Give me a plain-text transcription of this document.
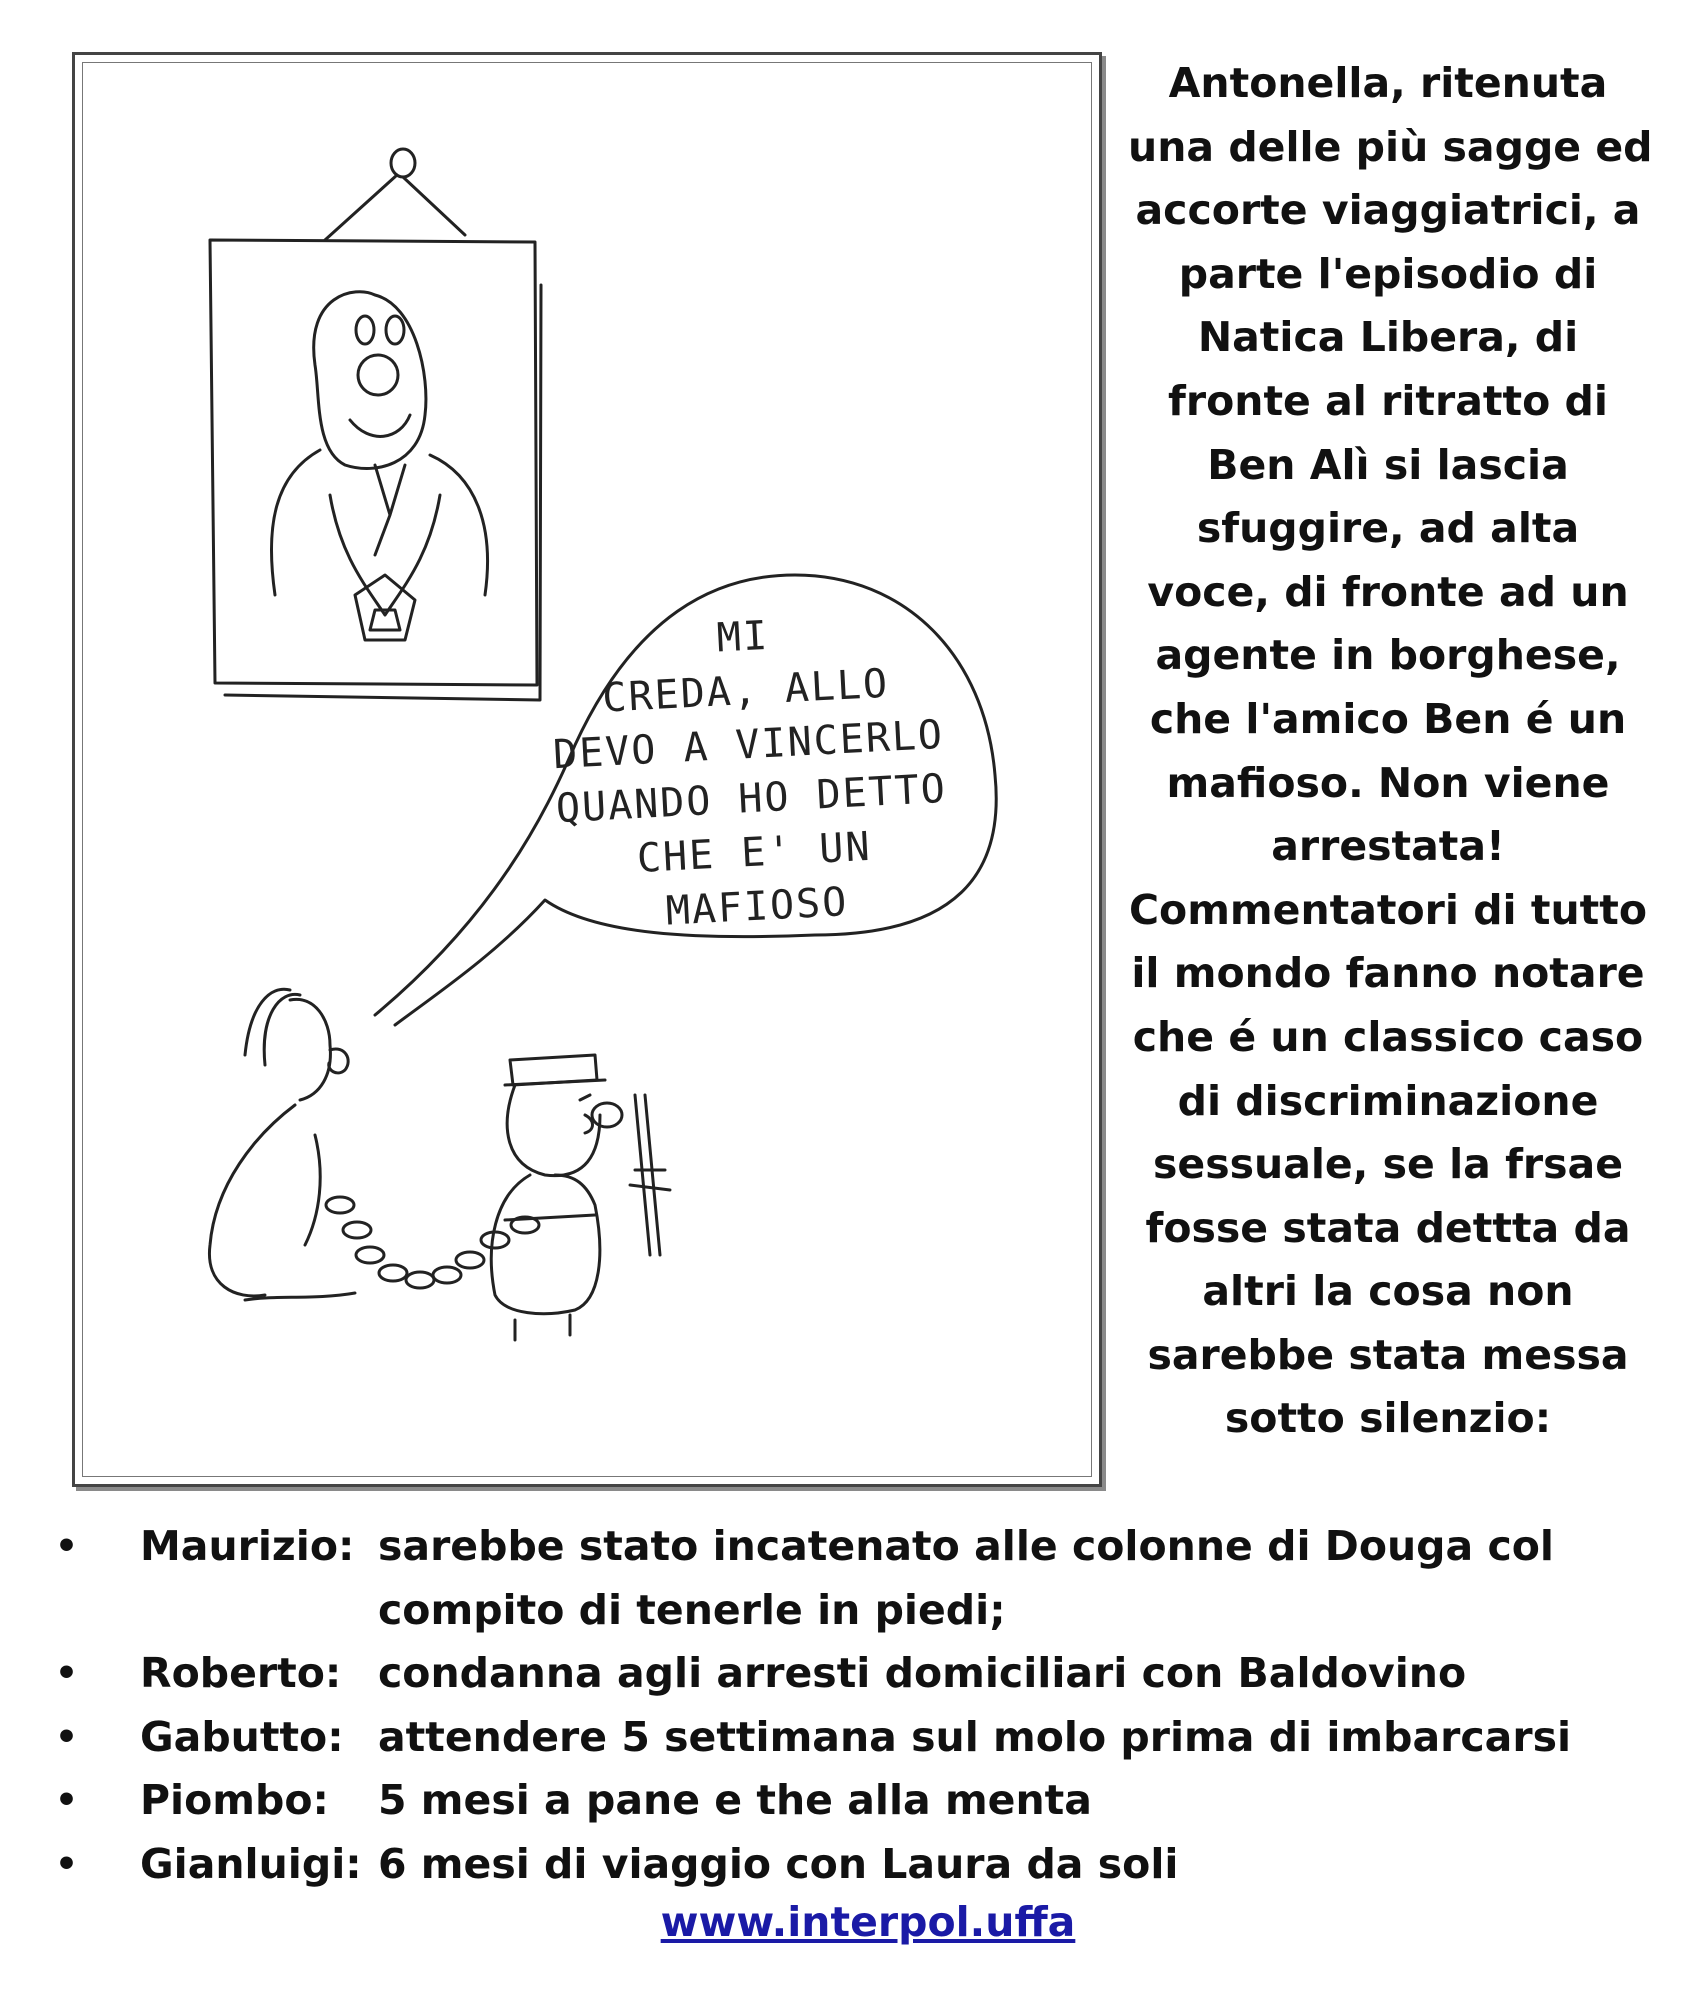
MI
CREDA, ALLO
DEVO A VINCERLO
QUANDO HO DETTO
CHE E' UN MAFIOSO
Antonella, ritenuta
una delle più sagge ed
accorte viaggiatrici, a
parte l'episodio di
Natica Libera, di
fronte al ritratto di
Ben Alì si lascia
sfuggire, ad alta
voce, di fronte ad un
agente in borghese,
che l'amico Ben é un
mafioso. Non viene
arrestata!
Commentatori di tutto
il mondo fanno notare
che é un classico caso
di discriminazione
sessuale, se la frsae
fosse stata dettta da
altri la cosa non
sarebbe stata messa
sotto silenzio:
• Maurizio: sarebbe stato incatenato alle colonne di Douga col
compito di tenerle in piedi;
• Roberto: condanna agli arresti domiciliari con Baldovino
• Gabutto: attendere 5 settimana sul molo prima di imbarcarsi
• Piombo: 5 mesi a pane e the alla menta
• Gianluigi: 6 mesi di viaggio con Laura da soli
www.interpol.uffa
